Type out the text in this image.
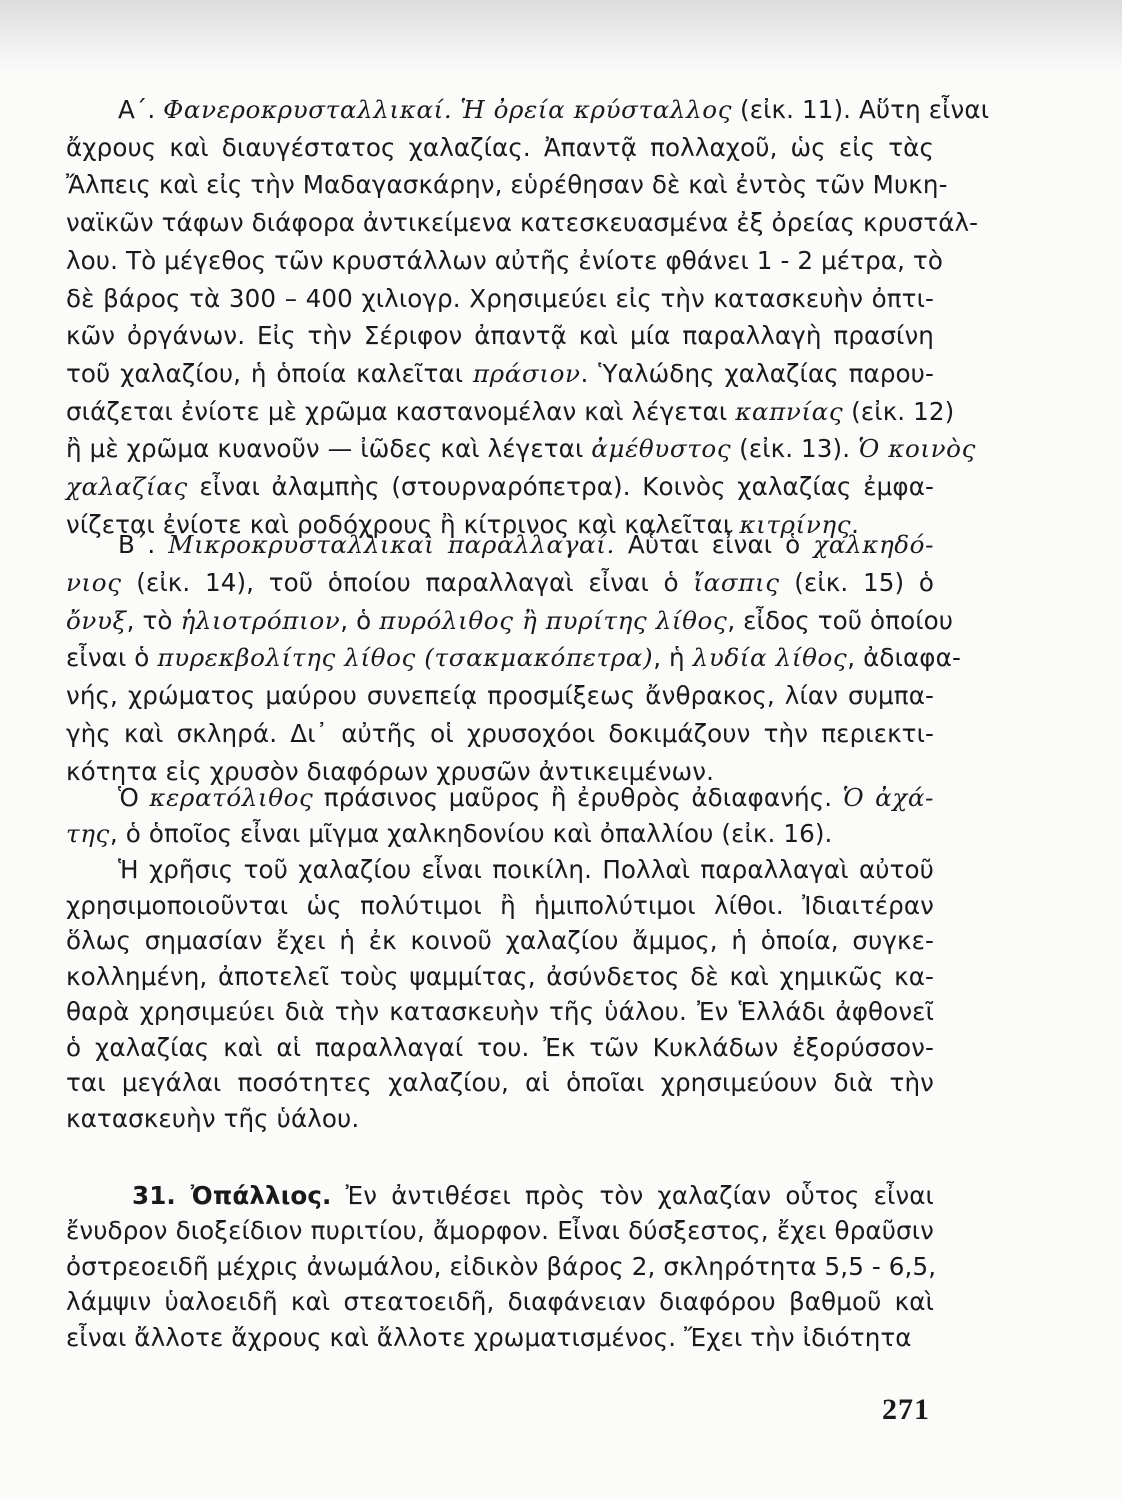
Α΄. Φανεροκρυσταλλικαί. Ἡ ὀρεία κρύσταλλος (εἰκ. 11). Αὕτη εἶναι

ἄχρους καὶ διαυγέστατος χαλαζίας. Ἀπαντᾷ πολλαχοῦ, ὡς εἰς τὰς

Ἄλπεις καὶ εἰς τὴν Μαδαγασκάρην, εὑρέθησαν δὲ καὶ ἐντὸς τῶν Μυκη-

ναϊκῶν τάφων διάφορα ἀντικείμενα κατεσκευασμένα ἐξ ὀρείας κρυστάλ-

λου. Τὸ μέγεθος τῶν κρυστάλλων αὐτῆς ἐνίοτε φθάνει 1 - 2 μέτρα, τὸ

δὲ βάρος τὰ 300 – 400 χιλιογρ. Χρησιμεύει εἰς τὴν κατασκευὴν ὀπτι-

κῶν ὀργάνων. Εἰς τὴν Σέριφον ἀπαντᾷ καὶ μία παραλλαγὴ πρασίνη

τοῦ χαλαζίου, ἡ ὁποία καλεῖται πράσιον. Ὑαλώδης χαλαζίας παρου-

σιάζεται ἐνίοτε μὲ χρῶμα καστανομέλαν καὶ λέγεται καπνίας (εἰκ. 12)

ἢ μὲ χρῶμα κυανοῦν — ἰῶδες καὶ λέγεται ἀμέθυστος (εἰκ. 13). Ὁ κοινὸς

χαλαζίας εἶναι ἀλαμπὴς (στουρναρόπετρα). Κοινὸς χαλαζίας ἐμφα-

νίζεται ἐνίοτε καὶ ροδόχρους ἢ κίτρινος καὶ καλεῖται κιτρίνης.

Β΄. Μικροκρυσταλλικαὶ παραλλαγαί. Αὗται εἶναι ὁ χαλκηδό-

νιος (εἰκ. 14), τοῦ ὁποίου παραλλαγαὶ εἶναι ὁ ἴασπις (εἰκ. 15) ὁ

ὄνυξ, τὸ ἡλιοτρόπιον, ὁ πυρόλιθος ἢ πυρίτης λίθος, εἶδος τοῦ ὁποίου

εἶναι ὁ πυρεκβολίτης λίθος (τσακμακόπετρα), ἡ λυδία λίθος, ἀδιαφα-

νής, χρώματος μαύρου συνεπείᾳ προσμίξεως ἄνθρακος, λίαν συμπα-

γὴς καὶ σκληρά. Δι᾿ αὐτῆς οἱ χρυσοχόοι δοκιμάζουν τὴν περιεκτι-

κότητα εἰς χρυσὸν διαφόρων χρυσῶν ἀντικειμένων.

Ὁ κερατόλιθος πράσινος μαῦρος ἢ ἐρυθρὸς ἀδιαφανής. Ὁ ἀχά-

της, ὁ ὁποῖος εἶναι μῖγμα χαλκηδονίου καὶ ὀπαλλίου (εἰκ. 16).

Ἡ χρῆσις τοῦ χαλαζίου εἶναι ποικίλη. Πολλαὶ παραλλαγαὶ αὐτοῦ

χρησιμοποιοῦνται ὡς πολύτιμοι ἢ ἡμιπολύτιμοι λίθοι. Ἰδιαιτέραν

ὅλως σημασίαν ἔχει ἡ ἐκ κοινοῦ χαλαζίου ἄμμος, ἡ ὁποία, συγκε-

κολλημένη, ἀποτελεῖ τοὺς ψαμμίτας, ἀσύνδετος δὲ καὶ χημικῶς κα-

θαρὰ χρησιμεύει διὰ τὴν κατασκευὴν τῆς ὑάλου. Ἐν Ἑλλάδι ἀφθονεῖ

ὁ χαλαζίας καὶ αἱ παραλλαγαί του. Ἐκ τῶν Κυκλάδων ἐξορύσσον-

ται μεγάλαι ποσότητες χαλαζίου, αἱ ὁποῖαι χρησιμεύουν διὰ τὴν

κατασκευὴν τῆς ὑάλου.

31. Ὀπάλλιος. Ἐν ἀντιθέσει πρὸς τὸν χαλαζίαν οὗτος εἶναι

ἔνυδρον διοξείδιον πυριτίου, ἄμορφον. Εἶναι δύσξεστος, ἔχει θραῦσιν

ὀστρεοειδῆ μέχρις ἀνωμάλου, εἰδικὸν βάρος 2, σκληρότητα 5,5 - 6,5,

λάμψιν ὑαλοειδῆ καὶ στεατοειδῆ, διαφάνειαν διαφόρου βαθμοῦ καὶ

εἶναι ἄλλοτε ἄχρους καὶ ἄλλοτε χρωματισμένος. Ἔχει τὴν ἰδιότητα

271
